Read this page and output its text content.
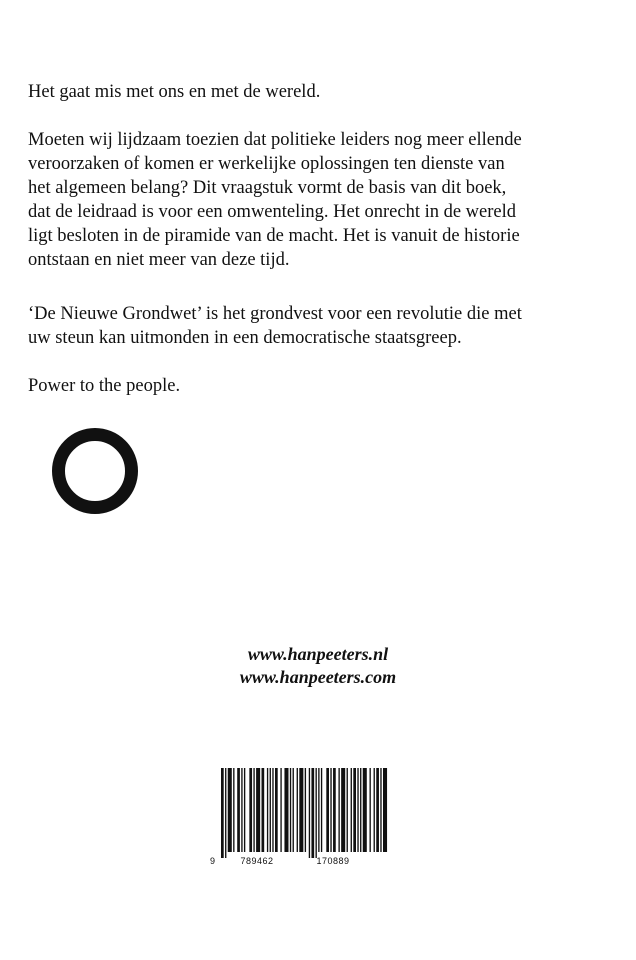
Het gaat mis met ons en met de wereld.

Moeten wij lijdzaam toezien dat politieke leiders nog meer ellende

veroorzaken of komen er werkelijke oplossingen ten dienste van

het algemeen belang? Dit vraagstuk vormt de basis van dit boek,

dat de leidraad is voor een omwenteling. Het onrecht in de wereld

ligt besloten in de piramide van de macht. Het is vanuit de historie

ontstaan en niet meer van deze tijd.

‘De Nieuwe Grondwet’ is het grondvest voor een revolutie die met

uw steun kan uitmonden in een democratische staatsgreep.

Power to the people.

www.hanpeeters.nl
www.hanpeeters.com
9	789462	170889
